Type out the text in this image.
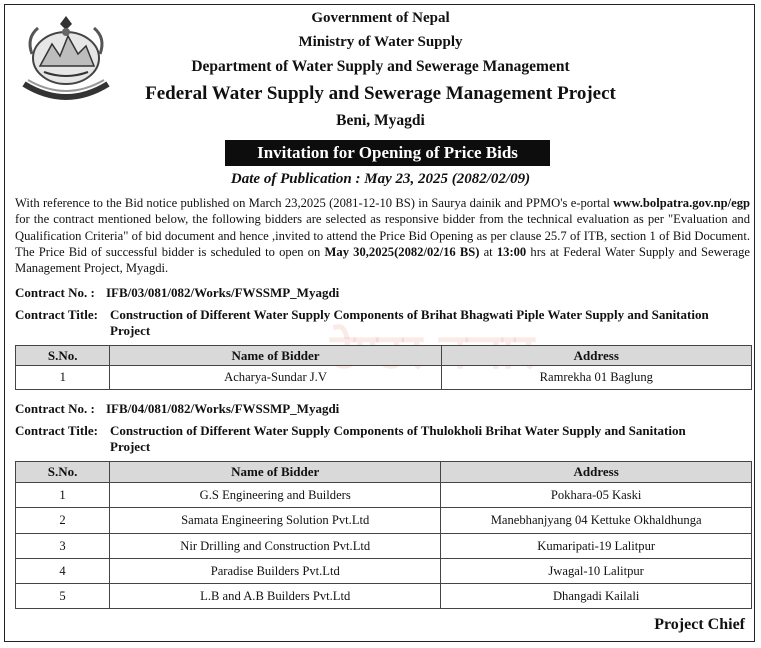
Government of Nepal
Ministry of Water Supply
Department of Water Supply and Sewerage Management
Federal Water Supply and Sewerage Management Project
Beni, Myagdi
Invitation for Opening of Price Bids
Date of Publication : May 23, 2025 (2082/02/09)
With reference to the Bid notice published on March 23,2025 (2081-12-10 BS) in Saurya dainik and PPMO's e-portal www.bolpatra.gov.np/egp for the contract mentioned below, the following bidders are selected as responsive bidder from the technical evaluation as per "Evaluation and Qualification Criteria" of bid document and hence ,invited to attend the Price Bid Opening as per clause 25.7 of ITB, section 1 of Bid Document. The Price Bid of successful bidder is scheduled to open on May 30,2025(2082/02/16 BS) at 13:00 hrs at Federal Water Supply and Sewerage Management Project, Myagdi.
Contract No. : IFB/03/081/082/Works/FWSSMP_Myagdi
Contract Title: Construction of Different Water Supply Components of Brihat Bhagwati Piple Water Supply and Sanitation Project
S.No.	Name of Bidder	Address
1	Acharya-Sundar J.V	Ramrekha 01 Baglung
Contract No. : IFB/04/081/082/Works/FWSSMP_Myagdi
Contract Title: Construction of Different Water Supply Components of Thulokholi Brihat Water Supply and Sanitation Project
S.No.	Name of Bidder	Address
1	G.S Engineering and Builders	Pokhara-05 Kaski
2	Samata Engineering Solution Pvt.Ltd	Manebhanjyang 04 Kettuke Okhaldhunga
3	Nir Drilling and Construction Pvt.Ltd	Kumaripati-19 Lalitpur
4	Paradise Builders Pvt.Ltd	Jwagal-10 Lalitpur
5	L.B and A.B Builders Pvt.Ltd	Dhangadi Kailali
Project Chief
